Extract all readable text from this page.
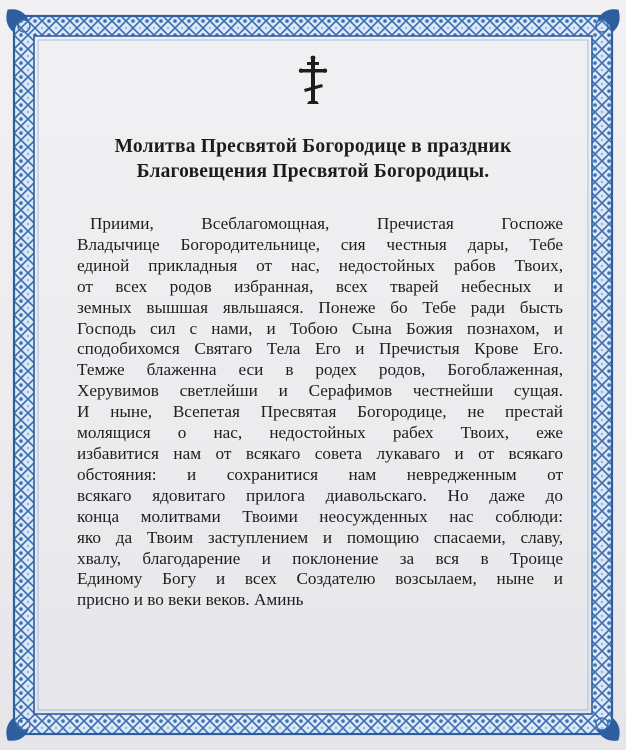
Молитва Пресвятой Богородице в праздник
Благовещения Пресвятой Богородицы.
Приими, Всеблагомощная, Пречистая Госпоже
Владычице Богородительнице, сия честныя дары, Тебе
единой прикладныя от нас, недостойных рабов Твоих,
от всех родов избранная, всех тварей небесных и
земных вышшая явльшаяся. Понеже бо Тебе ради бысть
Господь сил с нами, и Тобою Сына Божия познахом, и
сподобихомся Святаго Тела Его и Пречистыя Крове Его.
Темже блаженна еси в родех родов, Богоблаженная,
Херувимов светлейши и Серафимов честнейши сущая.
И ныне, Всепетая Пресвятая Богородице, не престай
молящися о нас, недостойных рабех Твоих, еже
избавитися нам от всякаго совета лукаваго и от всякаго
обстояния: и сохранитися нам невредженным от
всякаго ядовитаго прилога диавольскаго. Но даже до
конца молитвами Твоими неосужденных нас соблюди:
яко да Твоим заступлением и помощию спасаеми, славу,
хвалу, благодарение и поклонение за вся в Троице
Единому Богу и всех Создателю возсылаем, ныне и
присно и во веки веков. Аминь
